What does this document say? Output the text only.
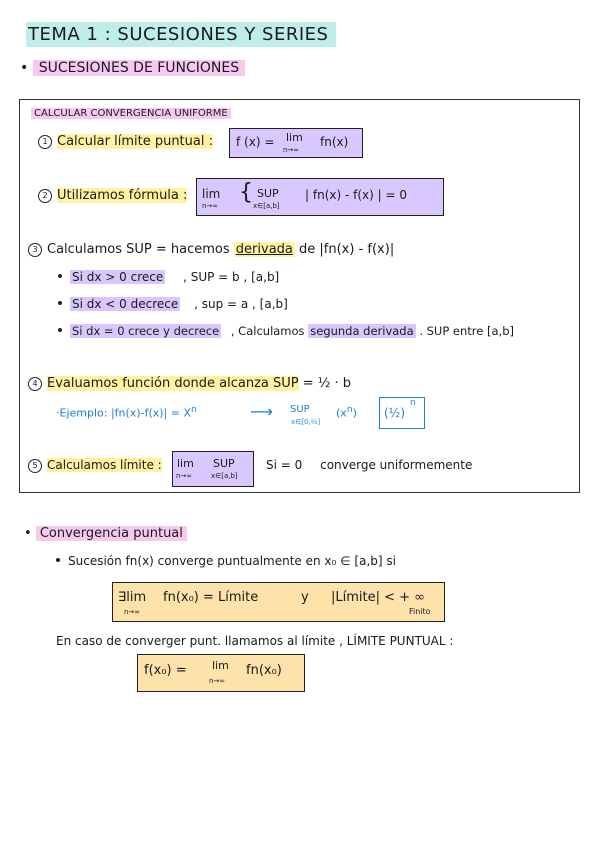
TEMA 1 : SUCESIONES Y SERIES
• SUCESIONES DE FUNCIONES
CALCULAR CONVERGENCIA UNIFORME
1 Calcular límite puntual : f (x) = lim
n→∞
fn(x)
2 Utilizamos fórmula : lim
n→∞
{ SUP
x∈[a,b]
| fn(x) - f(x) | = 0
3 Calculamos SUP = hacemos derivada de |fn(x) - f(x)|
Si dx > 0 crece , SUP = b , [a,b]
Si dx < 0 decrece , sup = a , [a,b]
Si dx = 0 crece y decrece , Calculamos segunda derivada . SUP entre [a,b]
4 Evaluamos función donde alcanza SUP = ½ · b
·Ejemplo: $|fn(x)-f(x)| = X^n$	⟶ SUP
x∈[0,½]
$(x^n)$ (½)
n
5 Calculamos límite : lim
n→∞
SUP
x∈[a,b]
Si = 0 converge uniformemente
• Convergencia puntual
Sucesión fn(x) converge puntualmente en x₀ ∈ [a,b] si
∃lim
n→∞
fn(x₀) = Límite	y |Límite| < + ∞
Finito
En caso de converger punt. llamamos al límite , LÍMITE PUNTUAL :
f(x₀) = lim
n→∞
fn(x₀)
